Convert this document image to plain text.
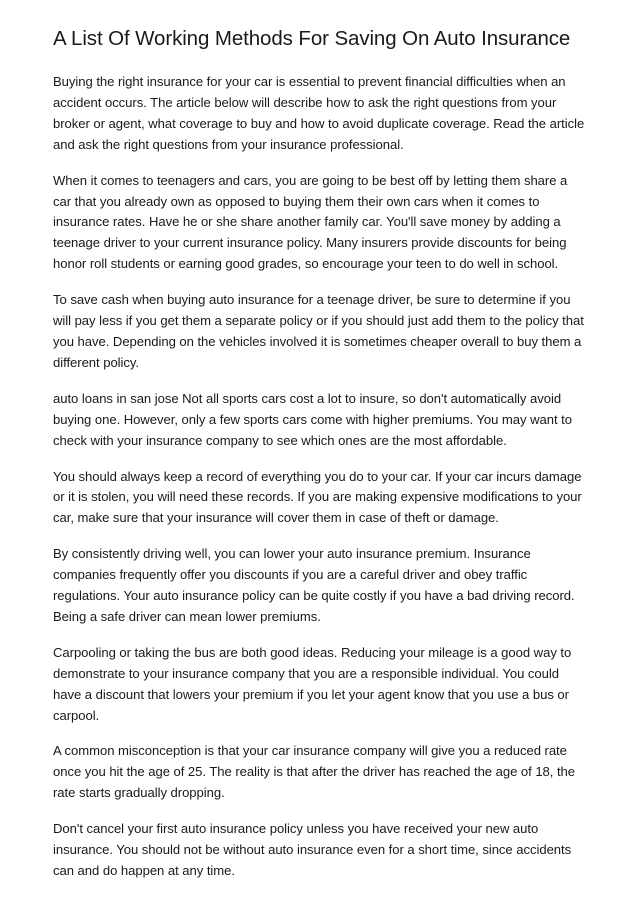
A List Of Working Methods For Saving On Auto Insurance

Buying the right insurance for your car is essential to prevent financial difficulties when an accident occurs. The article below will describe how to ask the right questions from your broker or agent, what coverage to buy and how to avoid duplicate coverage. Read the article and ask the right questions from your insurance professional.

When it comes to teenagers and cars, you are going to be best off by letting them share a car that you already own as opposed to buying them their own cars when it comes to insurance rates. Have he or she share another family car. You'll save money by adding a teenage driver to your current insurance policy. Many insurers provide discounts for being honor roll students or earning good grades, so encourage your teen to do well in school.

To save cash when buying auto insurance for a teenage driver, be sure to determine if you will pay less if you get them a separate policy or if you should just add them to the policy that you have. Depending on the vehicles involved it is sometimes cheaper overall to buy them a different policy.

auto loans in san jose Not all sports cars cost a lot to insure, so don't automatically avoid buying one. However, only a few sports cars come with higher premiums. You may want to check with your insurance company to see which ones are the most affordable.

You should always keep a record of everything you do to your car. If your car incurs damage or it is stolen, you will need these records. If you are making expensive modifications to your car, make sure that your insurance will cover them in case of theft or damage.

By consistently driving well, you can lower your auto insurance premium. Insurance companies frequently offer you discounts if you are a careful driver and obey traffic regulations. Your auto insurance policy can be quite costly if you have a bad driving record. Being a safe driver can mean lower premiums.

Carpooling or taking the bus are both good ideas. Reducing your mileage is a good way to demonstrate to your insurance company that you are a responsible individual. You could have a discount that lowers your premium if you let your agent know that you use a bus or carpool.

A common misconception is that your car insurance company will give you a reduced rate once you hit the age of 25. The reality is that after the driver has reached the age of 18, the rate starts gradually dropping.

Don't cancel your first auto insurance policy unless you have received your new auto insurance. You should not be without auto insurance even for a short time, since accidents can and do happen at any time.
